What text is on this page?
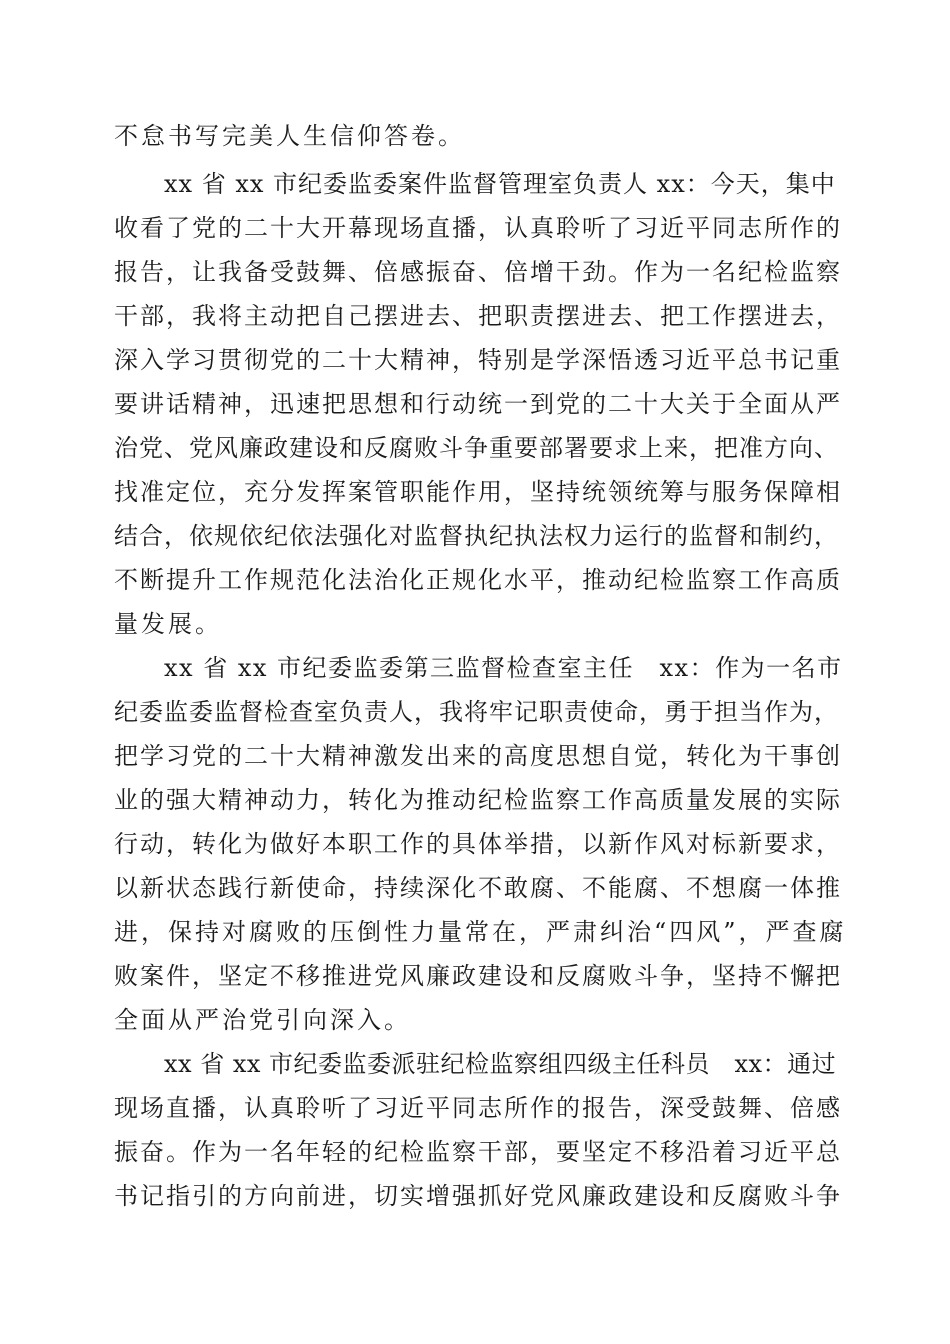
不怠书写完美人生信仰答卷。
xx 省 xx 市纪委监委案件监督管理室负责人 xx：今天，集中
收看了党的二十大开幕现场直播，认真聆听了习近平同志所作的
报告，让我备受鼓舞、倍感振奋、倍增干劲。作为一名纪检监察
干部，我将主动把自己摆进去、把职责摆进去、把工作摆进去，
深入学习贯彻党的二十大精神，特别是学深悟透习近平总书记重
要讲话精神，迅速把思想和行动统一到党的二十大关于全面从严
治党、党风廉政建设和反腐败斗争重要部署要求上来，把准方向、
找准定位，充分发挥案管职能作用，坚持统领统筹与服务保障相
结合，依规依纪依法强化对监督执纪执法权力运行的监督和制约，
不断提升工作规范化法治化正规化水平，推动纪检监察工作高质
量发展。
xx 省 xx 市纪委监委第三监督检查室主任　xx：作为一名市
纪委监委监督检查室负责人，我将牢记职责使命，勇于担当作为，
把学习党的二十大精神激发出来的高度思想自觉，转化为干事创
业的强大精神动力，转化为推动纪检监察工作高质量发展的实际
行动，转化为做好本职工作的具体举措，以新作风对标新要求，
以新状态践行新使命，持续深化不敢腐、不能腐、不想腐一体推
进，保持对腐败的压倒性力量常在，严肃纠治“四风”，严查腐
败案件，坚定不移推进党风廉政建设和反腐败斗争，坚持不懈把
全面从严治党引向深入。
xx 省 xx 市纪委监委派驻纪检监察组四级主任科员　xx：通过
现场直播，认真聆听了习近平同志所作的报告，深受鼓舞、倍感
振奋。作为一名年轻的纪检监察干部，要坚定不移沿着习近平总
书记指引的方向前进，切实增强抓好党风廉政建设和反腐败斗争
